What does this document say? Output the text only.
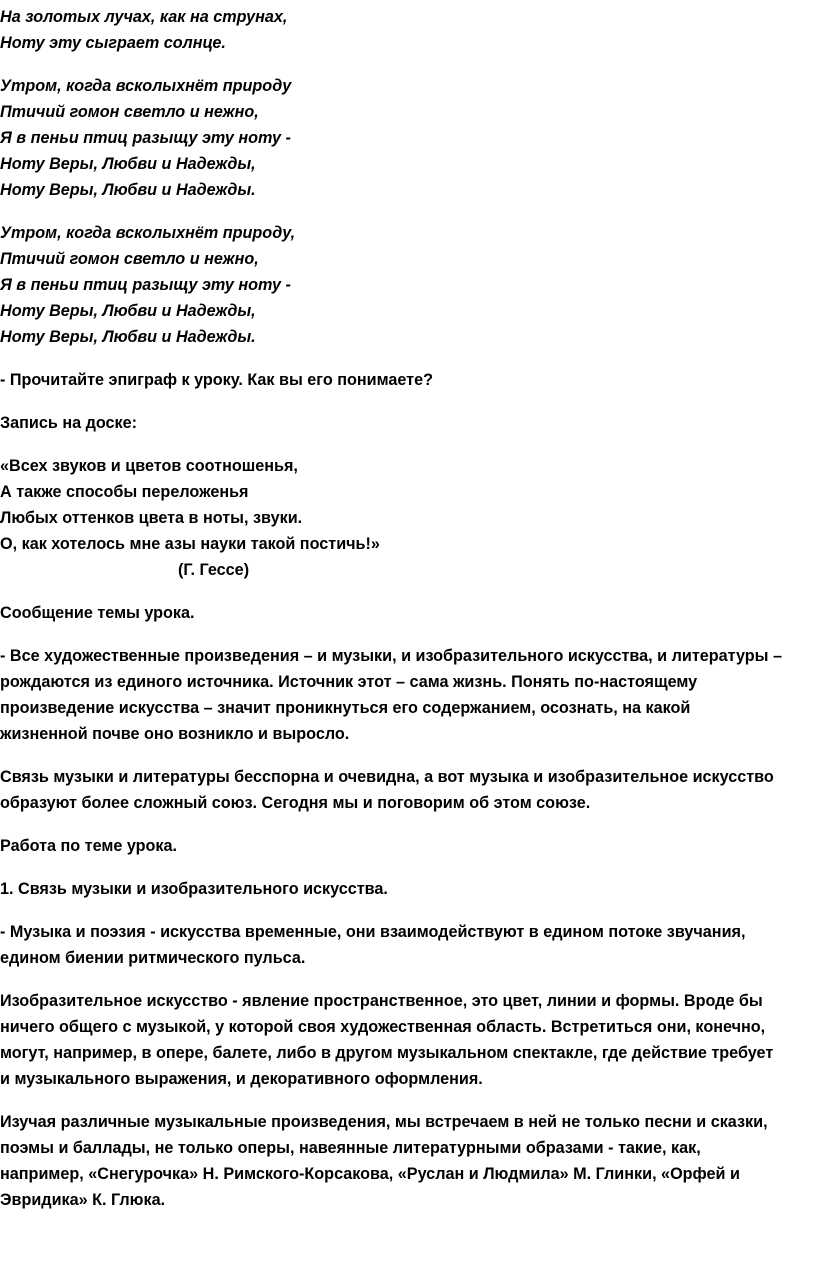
На золотых лучах, как на струнах,
Ноту эту сыграет солнце.

Утром, когда всколыхнёт природу
Птичий гомон светло и нежно,
Я в пеньи птиц разыщу эту ноту -
Ноту Веры, Любви и Надежды,
Ноту Веры, Любви и Надежды.

Утром, когда всколыхнёт природу,
Птичий гомон светло и нежно,
Я в пеньи птиц разыщу эту ноту -
Ноту Веры, Любви и Надежды,
Ноту Веры, Любви и Надежды.

- Прочитайте эпиграф к уроку. Как вы его понимаете?

Запись на доске:

«Всех звуков и цветов соотношенья,
А также способы переложенья
Любых оттенков цвета в ноты, звуки.
О, как хотелось мне азы науки такой постичь!»
(Г. Гессе)

Сообщение темы урока.

- Все художественные произведения – и музыки, и изобразительного искусства, и литературы –
рождаются из единого источника. Источник этот – сама жизнь. Понять по-настоящему
произведение искусства – значит проникнуться его содержанием, осознать, на какой
жизненной почве оно возникло и выросло.

Связь музыки и литературы бесспорна и очевидна, а вот музыка и изобразительное искусство
образуют более сложный союз. Сегодня мы и поговорим об этом союзе.

Работа по теме урока.

1. Связь музыки и изобразительного искусства.

- Музыка и поэзия - искусства временные, они взаимодействуют в едином потоке звучания,
едином биении ритмического пульса.

Изобразительное искусство - явление пространственное, это цвет, линии и формы. Вроде бы
ничего общего с музыкой, у которой своя художественная область. Встретиться они, конечно,
могут, например, в опере, балете, либо в другом музыкальном спектакле, где действие требует
и музыкального выражения, и декоративного оформления.

Изучая различные музыкальные произведения, мы встречаем в ней не только песни и сказки,
поэмы и баллады, не только оперы, навеянные литературными образами - такие, как,
например, «Снегурочка» Н. Римского-Корсакова, «Руслан и Людмила» М. Глинки, «Орфей и
Эвридика» К. Глюка.
